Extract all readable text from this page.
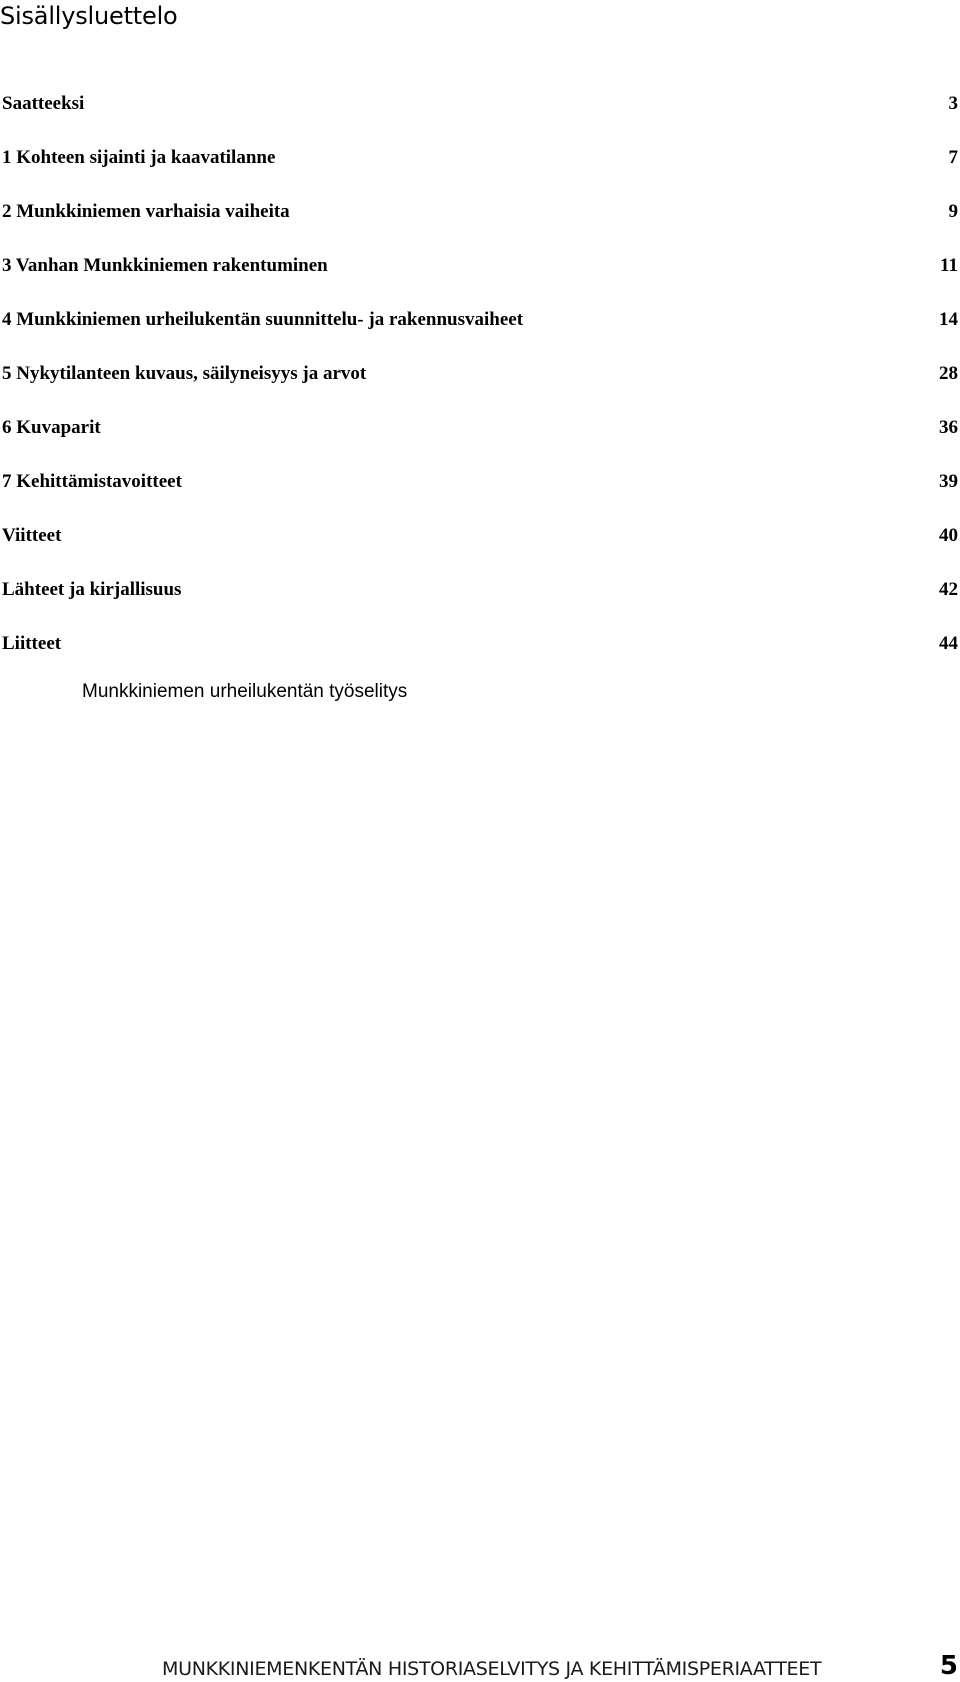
Sisällysluettelo
Saatteeksi	3
1 Kohteen sijainti ja kaavatilanne	7
2 Munkkiniemen varhaisia vaiheita	9
3 Vanhan Munkkiniemen rakentuminen	11
4 Munkkiniemen urheilukentän suunnittelu- ja rakennusvaiheet	14
5 Nykytilanteen kuvaus, säilyneisyys ja arvot	28
6 Kuvaparit	36
7 Kehittämistavoitteet	39
Viitteet	40
Lähteet ja kirjallisuus	42
Liitteet	44
Munkkiniemen urheilukentän työselitys
MUNKKINIEMENKENTÄN HISTORIASELVITYS JA KEHITTÄMISPERIAATTEET	5
